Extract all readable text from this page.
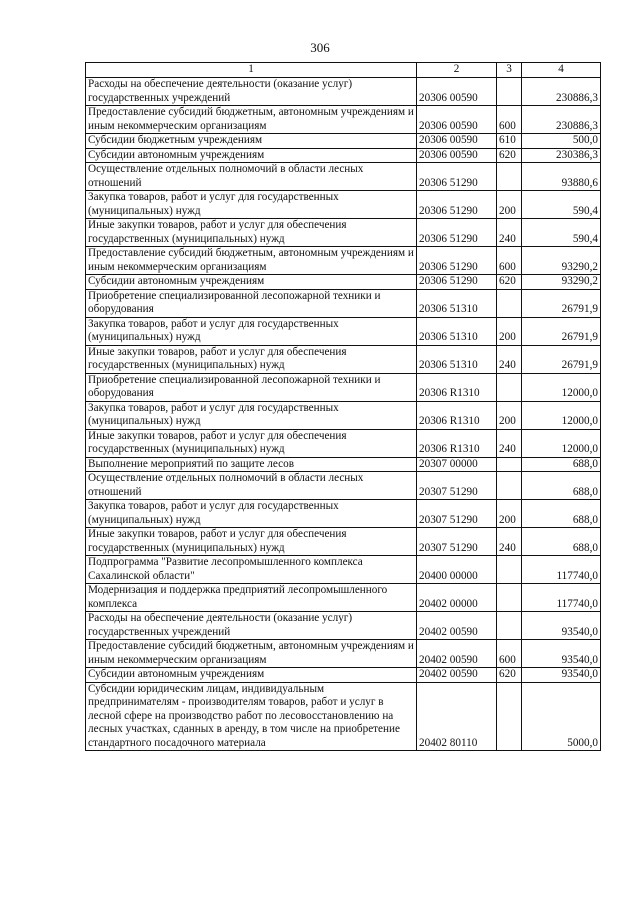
306
1	2	3	4
Расходы на обеспечение деятельности (оказание услуг) государственных учреждений	20306 00590		230886,3
Предоставление субсидий бюджетным, автономным учреждениям и иным некоммерческим организациям	20306 00590	600	230886,3
Субсидии бюджетным учреждениям	20306 00590	610	500,0
Субсидии автономным учреждениям	20306 00590	620	230386,3
Осуществление отдельных полномочий в области лесных отношений	20306 51290		93880,6
Закупка товаров, работ и услуг для государственных (муниципальных) нужд	20306 51290	200	590,4
Иные закупки товаров, работ и услуг для обеспечения государственных (муниципальных) нужд	20306 51290	240	590,4
Предоставление субсидий бюджетным, автономным учреждениям и иным некоммерческим организациям	20306 51290	600	93290,2
Субсидии автономным учреждениям	20306 51290	620	93290,2
Приобретение специализированной лесопожарной техники и оборудования	20306 51310		26791,9
Закупка товаров, работ и услуг для государственных (муниципальных) нужд	20306 51310	200	26791,9
Иные закупки товаров, работ и услуг для обеспечения государственных (муниципальных) нужд	20306 51310	240	26791,9
Приобретение специализированной лесопожарной техники и оборудования	20306 R1310		12000,0
Закупка товаров, работ и услуг для государственных (муниципальных) нужд	20306 R1310	200	12000,0
Иные закупки товаров, работ и услуг для обеспечения государственных (муниципальных) нужд	20306 R1310	240	12000,0
Выполнение мероприятий по защите лесов	20307 00000		688,0
Осуществление отдельных полномочий в области лесных отношений	20307 51290		688,0
Закупка товаров, работ и услуг для государственных (муниципальных) нужд	20307 51290	200	688,0
Иные закупки товаров, работ и услуг для обеспечения государственных (муниципальных) нужд	20307 51290	240	688,0
Подпрограмма "Развитие лесопромышленного комплекса Сахалинской области"	20400 00000		117740,0
Модернизация и поддержка предприятий лесопромышленного комплекса	20402 00000		117740,0
Расходы на обеспечение деятельности (оказание услуг) государственных учреждений	20402 00590		93540,0
Предоставление субсидий бюджетным, автономным учреждениям и иным некоммерческим организациям	20402 00590	600	93540,0
Субсидии автономным учреждениям	20402 00590	620	93540,0
Субсидии юридическим лицам, индивидуальным предпринимателям - производителям товаров, работ и услуг в лесной сфере на производство работ по лесовосстановлению на лесных участках, сданных в аренду, в том числе на приобретение стандартного посадочного материала	20402 80110		5000,0
